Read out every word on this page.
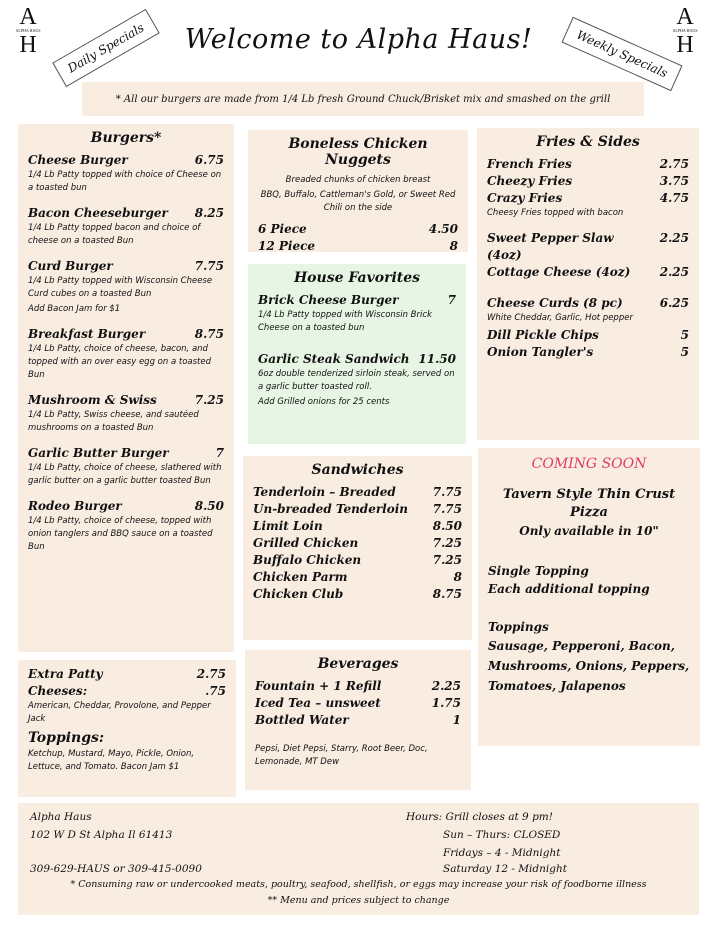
A
ALPHA HAUS
H
A
ALPHA HAUS
H
Daily Specials	Weekly Specials
Welcome to Alpha Haus!
* All our burgers are made from 1/4 Lb fresh Ground Chuck/Brisket mix and smashed on the grill
Burgers*
Cheese Burger	6.75
1/4 Lb Patty topped with choice of Cheese on a toasted bun
Bacon Cheeseburger	8.25
1/4 Lb Patty topped bacon and choice of cheese on a toasted Bun
Curd Burger	7.75
1/4 Lb Patty topped with Wisconsin Cheese Curd cubes on a toasted Bun
Add Bacon Jam for $1
Breakfast Burger	8.75
1/4 Lb Patty, choice of cheese, bacon, and topped with an over easy egg on a toasted Bun
Mushroom & Swiss	7.25
1/4 Lb Patty, Swiss cheese, and sautéed mushrooms on a toasted Bun
Garlic Butter Burger	7
1/4 Lb Patty, choice of cheese, slathered with garlic butter on a garlic butter toasted Bun
Rodeo Burger	8.50
1/4 Lb Patty, choice of cheese, topped with onion tanglers and BBQ sauce on a toasted Bun
Extra Patty	2.75
Cheeses:	.75
American, Cheddar, Provolone, and Pepper Jack
Toppings:
Ketchup, Mustard, Mayo, Pickle, Onion, Lettuce, and Tomato. Bacon Jam $1
Boneless Chicken Nuggets
Breaded chunks of chicken breast
BBQ, Buffalo, Cattleman's Gold, or Sweet Red Chili on the side
6 Piece	4.50
12 Piece	8
House Favorites
Brick Cheese Burger	7
1/4 Lb Patty topped with Wisconsin Brick Cheese on a toasted bun
Garlic Steak Sandwich 11.50
6oz double tenderized sirloin steak, served on a garlic butter toasted roll.
Add Grilled onions for 25 cents
Sandwiches
Tenderloin – Breaded	7.75
Un-breaded Tenderloin	7.75
Limit Loin	8.50
Grilled Chicken	7.25
Buffalo Chicken	7.25
Chicken Parm	8
Chicken Club	8.75
Beverages
Fountain + 1 Refill	2.25
Iced Tea – unsweet	1.75
Bottled Water	1
Pepsi, Diet Pepsi, Starry, Root Beer, Doc, Lemonade, MT Dew
Fries & Sides
French Fries	2.75
Cheezy Fries	3.75
Crazy Fries	4.75
Cheesy Fries topped with bacon
Sweet Pepper Slaw (4oz)
2.25
Cottage Cheese (4oz)	2.25
Cheese Curds (8 pc)	6.25
White Cheddar, Garlic, Hot pepper
Dill Pickle Chips	5
Onion Tangler's	5
COMING SOON
Tavern Style Thin Crust Pizza
Only available in 10"
Single Topping
Each additional topping
Toppings
Sausage, Pepperoni, Bacon, Mushrooms, Onions, Peppers, Tomatoes, Jalapenos
Alpha Haus
102 W D St Alpha Il 61413
309-629-HAUS or 309-415-0090
Hours: Grill closes at 9 pm!
Sun – Thurs: CLOSED
Fridays – 4 - Midnight
Saturday 12 - Midnight
* Consuming raw or undercooked meats, poultry, seafood, shellfish, or eggs may increase your risk of foodborne illness
** Menu and prices subject to change
